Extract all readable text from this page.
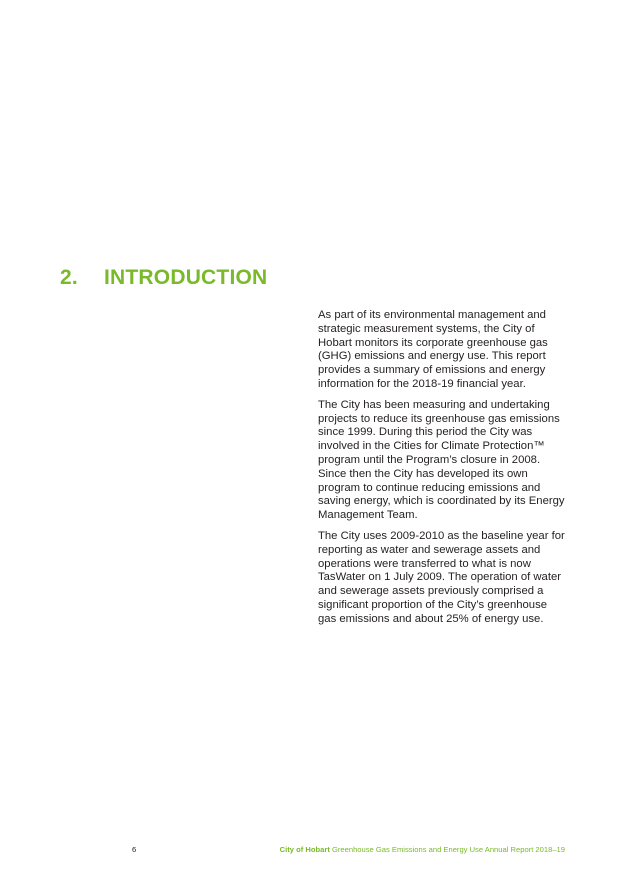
2.	INTRODUCTION

As part of its environmental management and strategic measurement systems, the City of Hobart monitors its corporate greenhouse gas (GHG) emissions and energy use. This report provides a summary of emissions and energy information for the 2018-19 financial year.

The City has been measuring and undertaking projects to reduce its greenhouse gas emissions since 1999. During this period the City was involved in the Cities for Climate Protection™ program until the Program’s closure in 2008. Since then the City has developed its own program to continue reducing emissions and saving energy, which is coordinated by its Energy Management Team.

The City uses 2009-2010 as the baseline year for reporting as water and sewerage assets and operations were transferred to what is now TasWater on 1 July 2009. The operation of water and sewerage assets previously comprised a significant proportion of the City’s greenhouse gas emissions and about 25% of energy use.

6	City of Hobart Greenhouse Gas Emissions and Energy Use Annual Report 2018–19
